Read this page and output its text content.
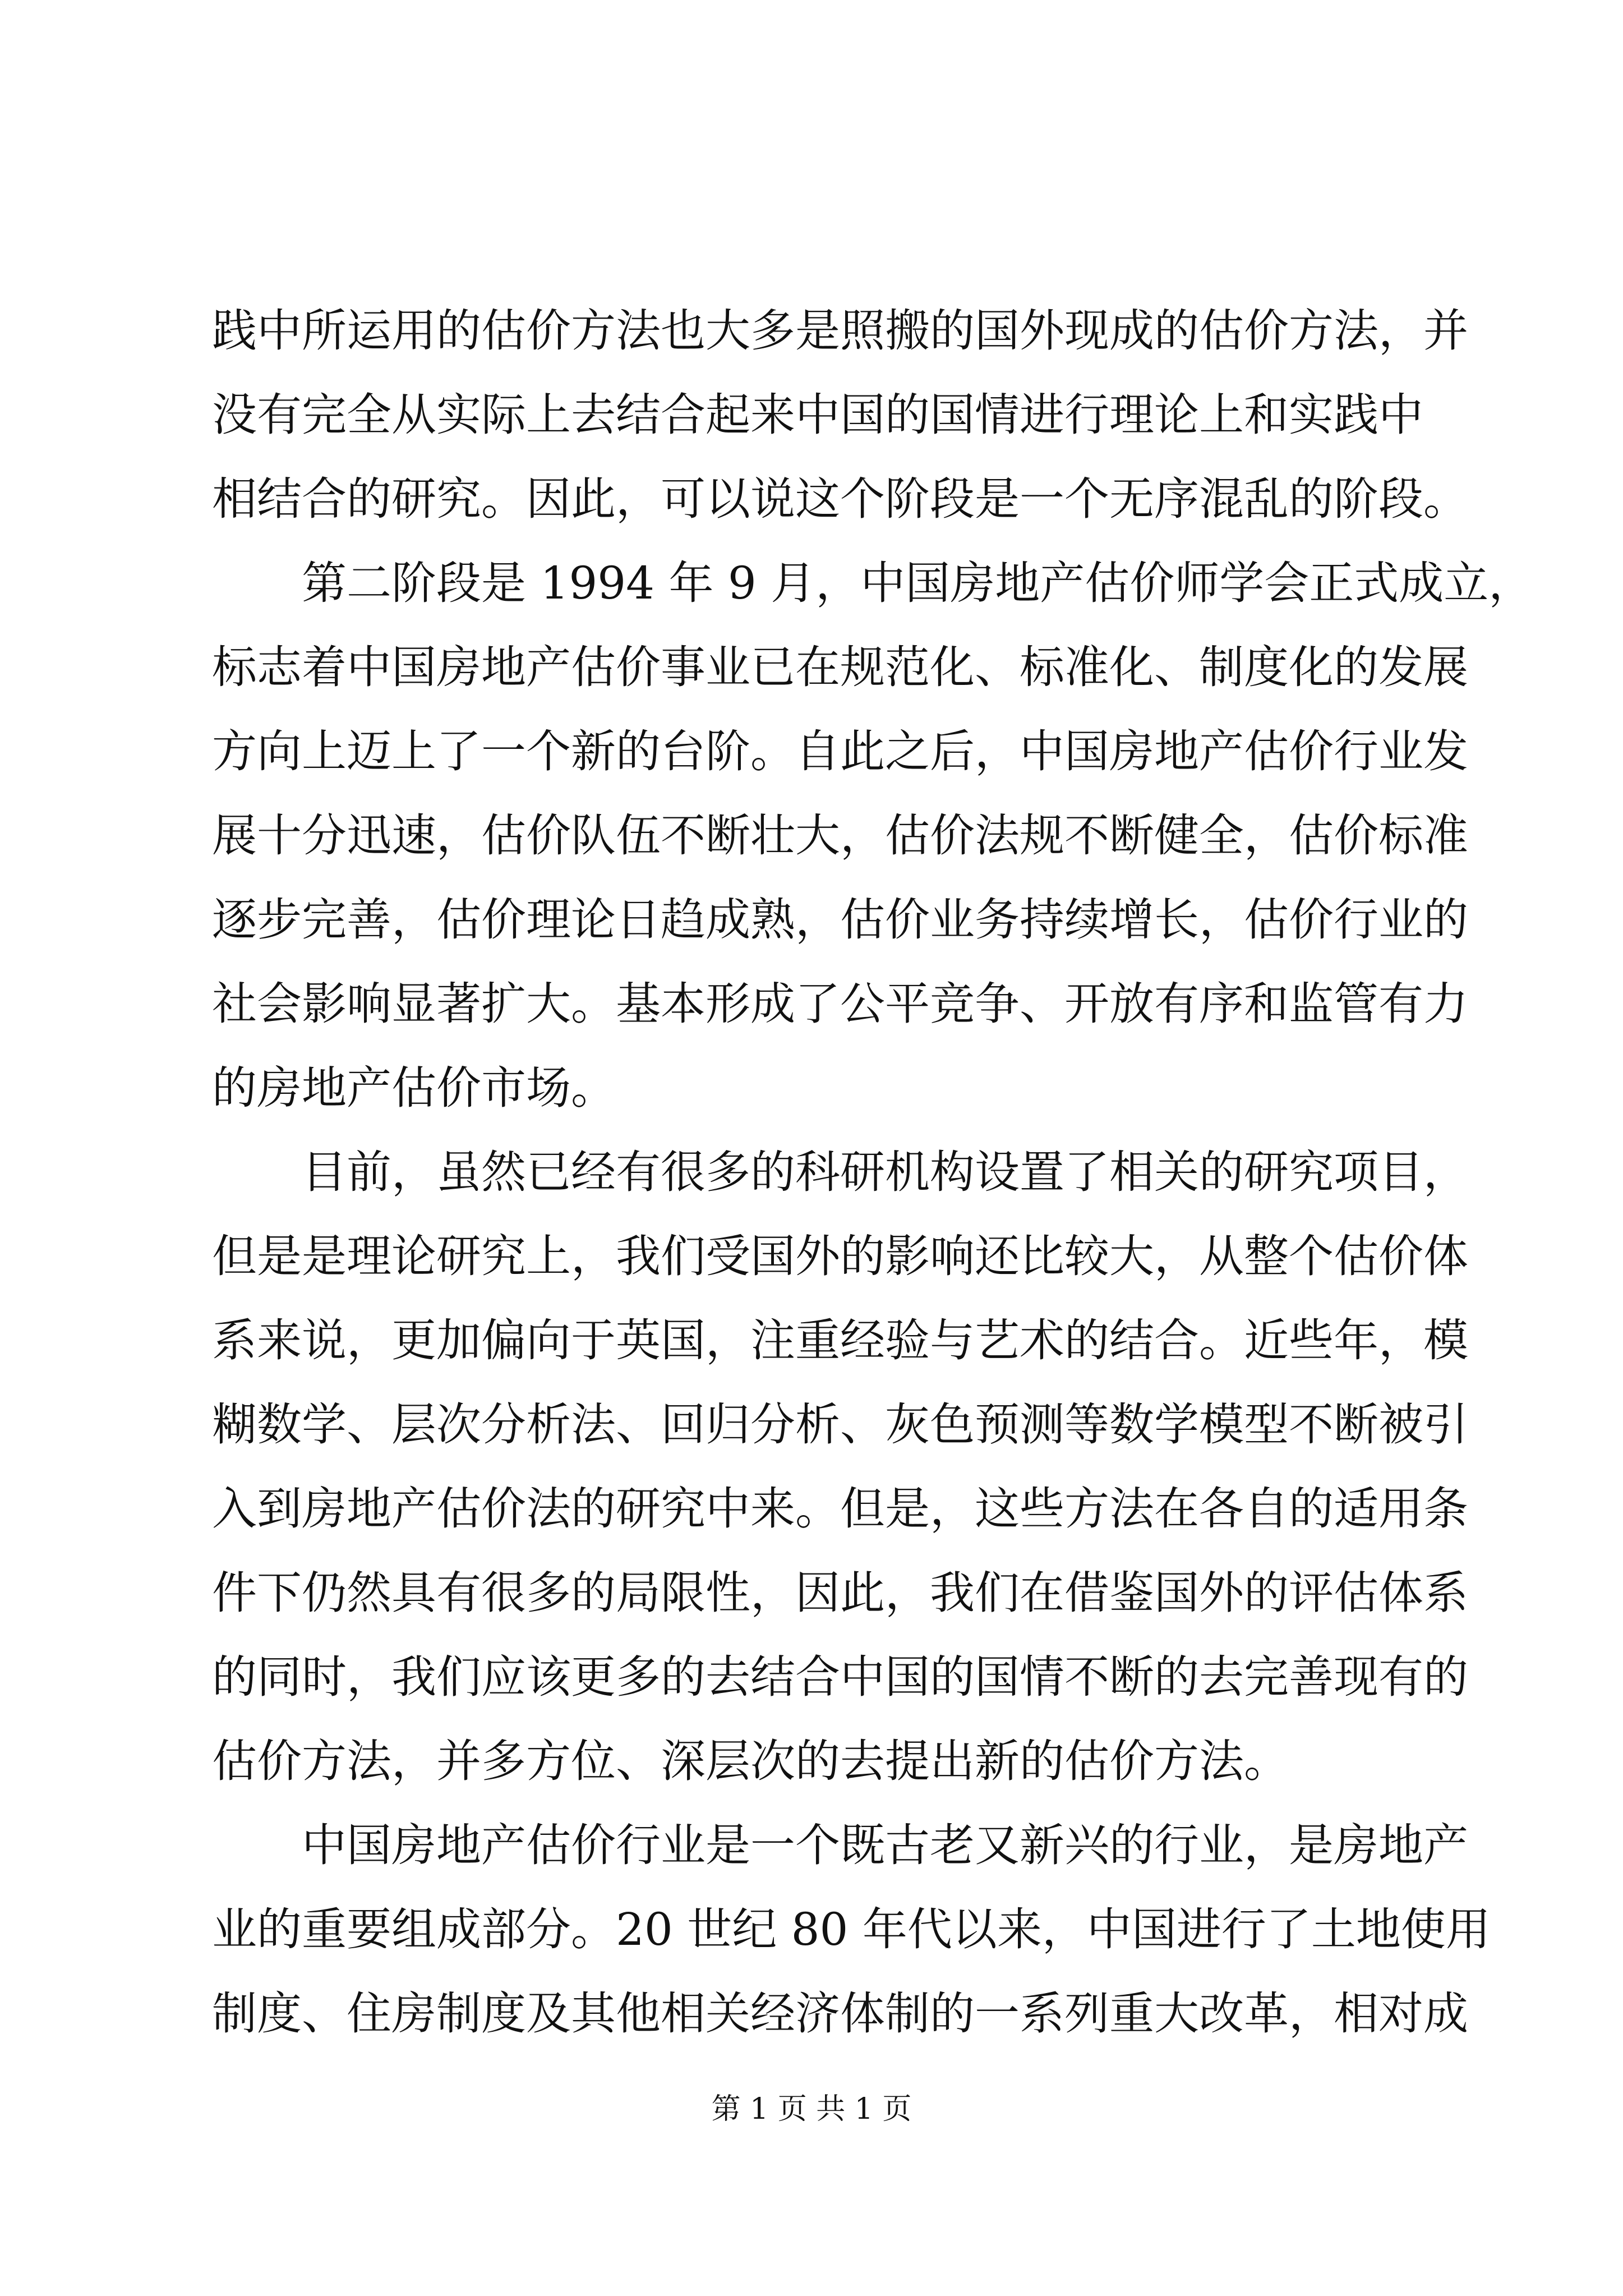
践中所运用的估价方法也大多是照搬的国外现成的估价方法，并
没有完全从实际上去结合起来中国的国情进行理论上和实践中
相结合的研究。因此，可以说这个阶段是一个无序混乱的阶段。
第二阶段是 1994 年 9 月，中国房地产估价师学会正式成立，
标志着中国房地产估价事业已在规范化、标准化、制度化的发展
方向上迈上了一个新的台阶。自此之后，中国房地产估价行业发
展十分迅速，估价队伍不断壮大，估价法规不断健全，估价标准
逐步完善，估价理论日趋成熟，估价业务持续增长，估价行业的
社会影响显著扩大。基本形成了公平竞争、开放有序和监管有力
的房地产估价市场。
目前，虽然已经有很多的科研机构设置了相关的研究项目，
但是是理论研究上，我们受国外的影响还比较大，从整个估价体
系来说，更加偏向于英国，注重经验与艺术的结合。近些年，模
糊数学、层次分析法、回归分析、灰色预测等数学模型不断被引
入到房地产估价法的研究中来。但是，这些方法在各自的适用条
件下仍然具有很多的局限性，因此，我们在借鉴国外的评估体系
的同时，我们应该更多的去结合中国的国情不断的去完善现有的
估价方法，并多方位、深层次的去提出新的估价方法。
中国房地产估价行业是一个既古老又新兴的行业，是房地产
业的重要组成部分。20 世纪 80 年代以来，中国进行了土地使用
制度、住房制度及其他相关经济体制的一系列重大改革，相对成
第 1 页 共 1 页
